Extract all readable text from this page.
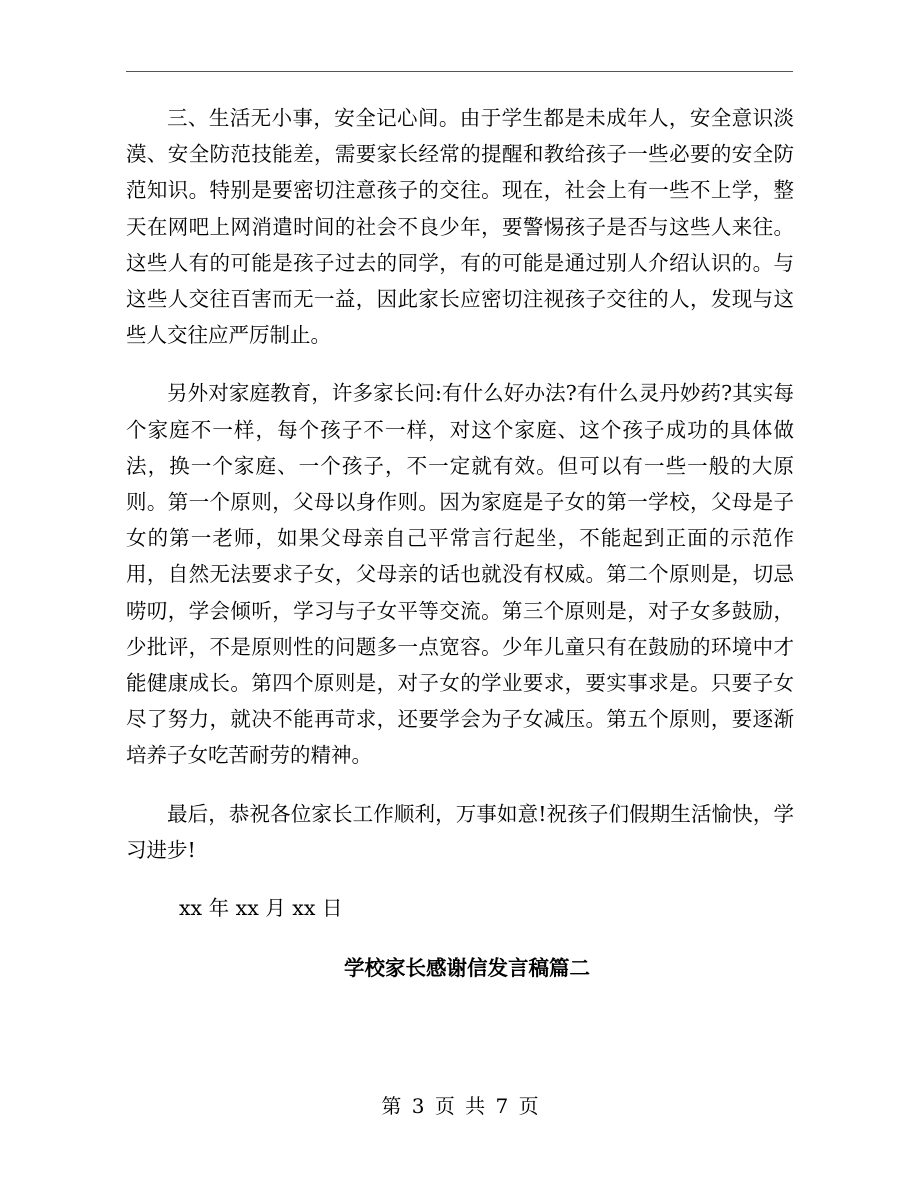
三、生活无小事，安全记心间。由于学生都是未成年人，安全意识淡漠、安全防范技能差，需要家长经常的提醒和教给孩子一些必要的安全防范知识。特别是要密切注意孩子的交往。现在，社会上有一些不上学，整天在网吧上网消遣时间的社会不良少年，要警惕孩子是否与这些人来往。这些人有的可能是孩子过去的同学，有的可能是通过别人介绍认识的。与这些人交往百害而无一益，因此家长应密切注视孩子交往的人，发现与这些人交往应严厉制止。

另外对家庭教育，许多家长问:有什么好办法?有什么灵丹妙药?其实每个家庭不一样，每个孩子不一样，对这个家庭、这个孩子成功的具体做法，换一个家庭、一个孩子，不一定就有效。但可以有一些一般的大原则。第一个原则，父母以身作则。因为家庭是子女的第一学校，父母是子女的第一老师，如果父母亲自己平常言行起坐，不能起到正面的示范作用，自然无法要求子女，父母亲的话也就没有权威。第二个原则是，切忌唠叨，学会倾听，学习与子女平等交流。第三个原则是，对子女多鼓励，少批评，不是原则性的问题多一点宽容。少年儿童只有在鼓励的环境中才能健康成长。第四个原则是，对子女的学业要求，要实事求是。只要子女尽了努力，就决不能再苛求，还要学会为子女减压。第五个原则，要逐渐培养子女吃苦耐劳的精神。

最后，恭祝各位家长工作顺利，万事如意!祝孩子们假期生活愉快，学习进步!

xx 年 xx 月 xx 日

学校家长感谢信发言稿篇二

第 3 页 共 7 页
